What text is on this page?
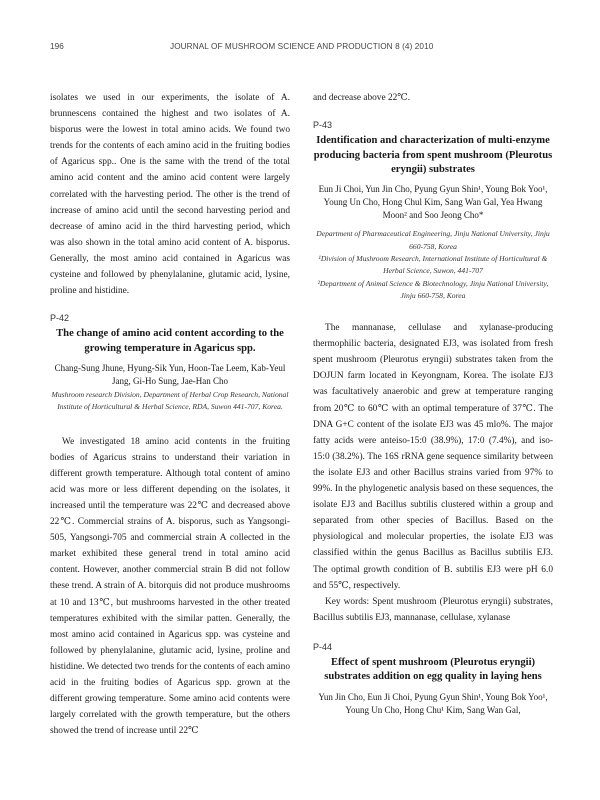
196	JOURNAL OF MUSHROOM SCIENCE AND PRODUCTION 8 (4) 2010

isolates we used in our experiments, the isolate of A. brunnescens contained the highest and two isolates of A. bisporus were the lowest in total amino acids. We found two trends for the contents of each amino acid in the fruiting bodies of Agaricus spp.. One is the same with the trend of the total amino acid content and the amino acid content were largely correlated with the harvesting period. The other is the trend of increase of amino acid until the second harvesting period and decrease of amino acid in the third harvesting period, which was also shown in the total amino acid content of A. bisporus. Generally, the most amino acid contained in Agaricus was cysteine and followed by phenylalanine, glutamic acid, lysine, proline and histidine.

P-42

The change of amino acid content according to the growing temperature in Agaricus spp.

Chang-Sung Jhune, Hyung-Sik Yun, Hoon-Tae Leem, Kab-Yeul Jang, Gi-Ho Sung, Jae-Han Cho

Mushroom research Division, Department of Herbal Crop Research, National Institute of Horticultural & Herbal Science, RDA, Suwon 441-707, Korea.

We investigated 18 amino acid contents in the fruiting bodies of Agaricus strains to understand their variation in different growth temperature. Although total content of amino acid was more or less different depending on the isolates, it increased until the temperature was 22℃ and decreased above 22℃. Commercial strains of A. bisporus, such as Yangsongi-505, Yangsongi-705 and commercial strain A collected in the market exhibited these general trend in total amino acid content. However, another commercial strain B did not follow these trend. A strain of A. bitorquis did not produce mushrooms at 10 and 13℃, but mushrooms harvested in the other treated temperatures exhibited with the similar patten. Generally, the most amino acid contained in Agaricus spp. was cysteine and followed by phenylalanine, glutamic acid, lysine, proline and histidine. We detected two trends for the contents of each amino acid in the fruiting bodies of Agaricus spp. grown at the different growing temperature. Some amino acid contents were largely correlated with the growth temperature, but the others showed the trend of increase until 22℃

and decrease above 22℃.

P-43

Identification and characterization of multi-enzyme producing bacteria from spent mushroom (Pleurotus eryngii) substrates

Eun Ji Choi, Yun Jin Cho, Pyung Gyun Shin¹, Young Bok Yoo¹, Young Un Cho, Hong Chul Kim, Sang Wan Gal, Yea Hwang Moon² and Soo Jeong Cho*

Department of Pharmaceutical Engineering, Jinju National University, Jinju 660-758, Korea

¹Division of Mushroom Research, International Institute of Horticultural & Herbal Science, Suwon, 441-707

²Department of Animal Science & Biotechnology, Jinju National University, Jinju 660-758, Korea

The mannanase, cellulase and xylanase-producing thermophilic bacteria, designated EJ3, was isolated from fresh spent mushroom (Pleurotus eryngii) substrates taken from the DOJUN farm located in Keyongnam, Korea. The isolate EJ3 was facultatively anaerobic and grew at temperature ranging from 20℃ to 60℃ with an optimal temperature of 37℃. The DNA G+C content of the isolate EJ3 was 45 mlo%. The major fatty acids were anteiso-15:0 (38.9%), 17:0 (7.4%), and iso-15:0 (38.2%). The 16S rRNA gene sequence similarity between the isolate EJ3 and other Bacillus strains varied from 97% to 99%. In the phylogenetic analysis based on these sequences, the isolate EJ3 and Bacillus subtilis clustered within a group and separated from other species of Bacillus. Based on the physiological and molecular properties, the isolate EJ3 was classified within the genus Bacillus as Bacillus subtilis EJ3. The optimal growth condition of B. subtilis EJ3 were pH 6.0 and 55℃, respectively.

Key words: Spent mushroom (Pleurotus eryngii) substrates, Bacillus subtilis EJ3, mannanase, cellulase, xylanase

P-44

Effect of spent mushroom (Pleurotus eryngii) substrates addition on egg quality in laying hens

Yun Jin Cho, Eun Ji Choi, Pyung Gyun Shin¹, Young Bok Yoo¹, Young Un Cho, Hong Chu¹ Kim, Sang Wan Gal,
